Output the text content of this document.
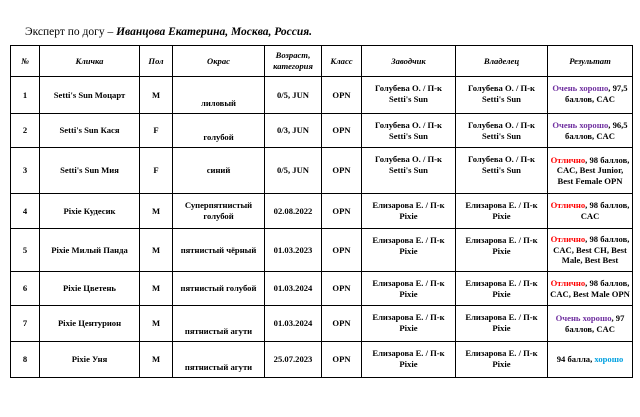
Эксперт по догу – Иванцова Екатерина, Москва, Россия.
№	Кличка	Пол	Окрас	Возраст, категория	Класс	Заводчик	Владелец	Результат
1	Setti's Sun Моцарт	М	лиловый	0/5, JUN	OPN	Голубева О. / П-к Setti's Sun	Голубева О. / П-к Setti's Sun	Очень хорошо, 97,5 баллов, CAC
2	Setti's Sun Кася	F	голубой	0/3, JUN	OPN	Голубева О. / П-к Setti's Sun	Голубева О. / П-к Setti's Sun	Очень хорошо, 96,5 баллов, CAC
3	Setti's Sun Мия	F	синий	0/5, JUN	OPN	Голубева О. / П-к Setti's Sun	Голубева О. / П-к Setti's Sun	Отлично, 98 баллов, CAC, Best Junior, Best Female OPN
4	Pixie Кудесик	М	Суперпятнистый голубой	02.08.2022	OPN	Елизарова Е. / П-к Pixie	Елизарова Е. / П-к Pixie	Отлично, 98 баллов, CAC
5	Pixie Милый Панда	М	пятнистый чёрный	01.03.2023	OPN	Елизарова Е. / П-к Pixie	Елизарова Е. / П-к Pixie	Отлично, 98 баллов, CAC, Best CH, Best Male, Best Best
6	Pixie Цветень	М	пятнистый голубой	01.03.2024	OPN	Елизарова Е. / П-к Pixie	Елизарова Е. / П-к Pixie	Отлично, 98 баллов, CAC, Best Male OPN
7	Pixie Центурион	М	пятнистый агути	01.03.2024	OPN	Елизарова Е. / П-к Pixie	Елизарова Е. / П-к Pixie	Очень хорошо, 97 баллов, CAC
8	Pixie Уня	М	пятнистый агути	25.07.2023	OPN	Елизарова Е. / П-к Pixie	Елизарова Е. / П-к Pixie	94 балла, хорошо
